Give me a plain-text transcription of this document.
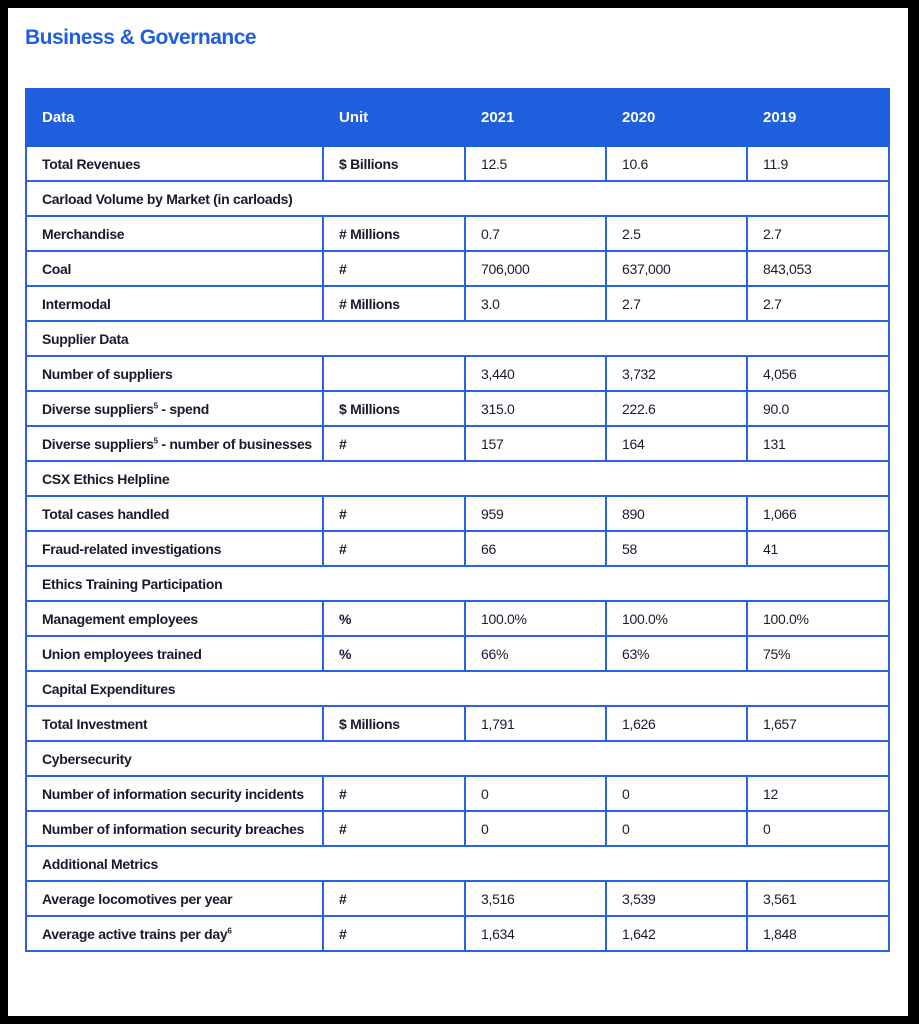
Business & Governance
Data	Unit	2021	2020	2019
Total Revenues	$ Billions	12.5	10.6	11.9
Carload Volume by Market (in carloads)				
Merchandise	# Millions	0.7	2.5	2.7
Coal	#	706,000	637,000	843,053
Intermodal	# Millions	3.0	2.7	2.7
Supplier Data				
Number of suppliers		3,440	3,732	4,056
Diverse suppliers$^5$ - spend	$ Millions	315.0	222.6	90.0
Diverse suppliers$^5$ - number of businesses	#	157	164	131
CSX Ethics Helpline				
Total cases handled	#	959	890	1,066
Fraud-related investigations	#	66	58	41
Ethics Training Participation				
Management employees	%	100.0%	100.0%	100.0%
Union employees trained	%	66%	63%	75%
Capital Expenditures				
Total Investment	$ Millions	1,791	1,626	1,657
Cybersecurity				
Number of information security incidents	#	0	0	12
Number of information security breaches	#	0	0	0
Additional Metrics				
Average locomotives per year	#	3,516	3,539	3,561
Average active trains per day$^6$	#	1,634	1,642	1,848
